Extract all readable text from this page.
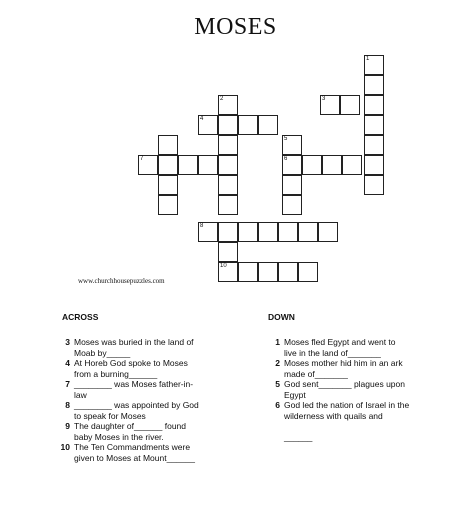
MOSES
1
3
2
4
5
6
7
8
10
www.churchhousepuzzles.com
ACROSS	DOWN
3 Moses was buried in the land of
Moab by_____
4 At Horeb God spoke to Moses
from a burning______
7 ________ was Moses father-in-
law
8 ________ was appointed by God
to speak for Moses
9 The daughter of______ found
baby Moses in the river.
10 The Ten Commandments were
given to Moses at Mount______
1 Moses fled Egypt and went to
live in the land of_______
2 Moses mother hid him in an ark
made of_______
5 God sent_______ plagues upon
Egypt
6 God led the nation of Israel in the
wilderness with quails and

______
